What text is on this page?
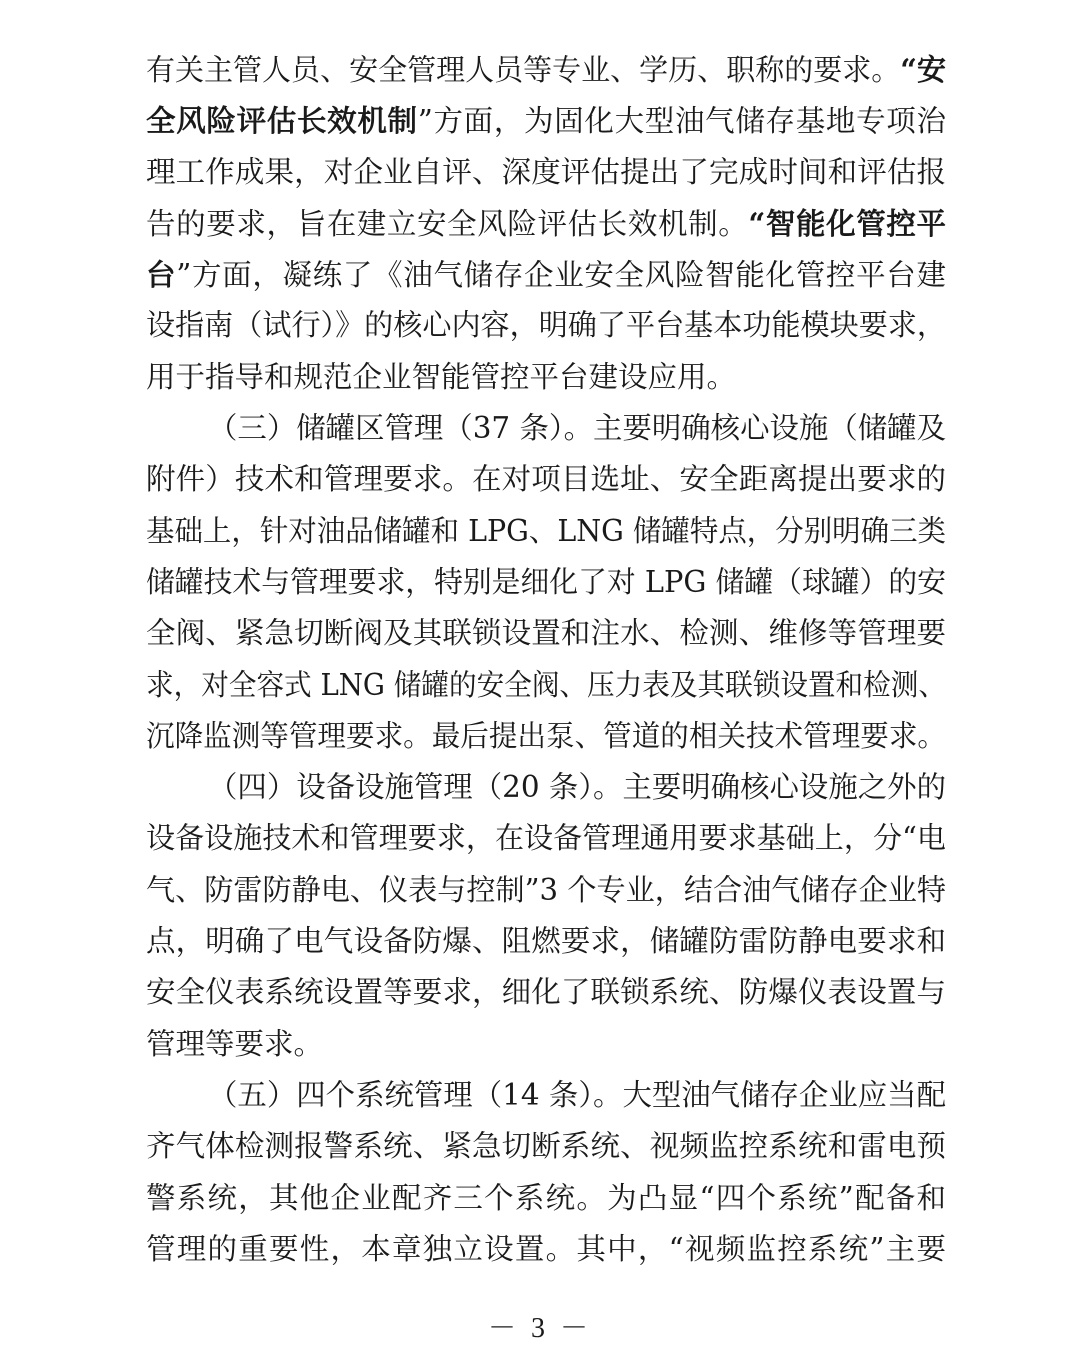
有关主管人员、安全管理人员等专业、学历、职称的要求。“安
全风险评估长效机制”方面，为固化大型油气储存基地专项治
理工作成果，对企业自评、深度评估提出了完成时间和评估报
告的要求，旨在建立安全风险评估长效机制。“智能化管控平
台”方面，凝练了《油气储存企业安全风险智能化管控平台建
设指南（试行）》的核心内容，明确了平台基本功能模块要求，
用于指导和规范企业智能管控平台建设应用。
（三）储罐区管理（37 条）。主要明确核心设施（储罐及
附件）技术和管理要求。在对项目选址、安全距离提出要求的
基础上，针对油品储罐和 LPG、LNG 储罐特点，分别明确三类
储罐技术与管理要求，特别是细化了对 LPG 储罐（球罐）的安
全阀、紧急切断阀及其联锁设置和注水、检测、维修等管理要
求，对全容式 LNG 储罐的安全阀、压力表及其联锁设置和检测、
沉降监测等管理要求。最后提出泵、管道的相关技术管理要求。
（四）设备设施管理（20 条）。主要明确核心设施之外的
设备设施技术和管理要求，在设备管理通用要求基础上，分“电
气、防雷防静电、仪表与控制”3 个专业，结合油气储存企业特
点，明确了电气设备防爆、阻燃要求，储罐防雷防静电要求和
安全仪表系统设置等要求，细化了联锁系统、防爆仪表设置与
管理等要求。
（五）四个系统管理（14 条）。大型油气储存企业应当配
齐气体检测报警系统、紧急切断系统、视频监控系统和雷电预
警系统，其他企业配齐三个系统。为凸显“四个系统”配备和
管理的重要性，本章独立设置。其中，“视频监控系统”主要
－ 3 －
